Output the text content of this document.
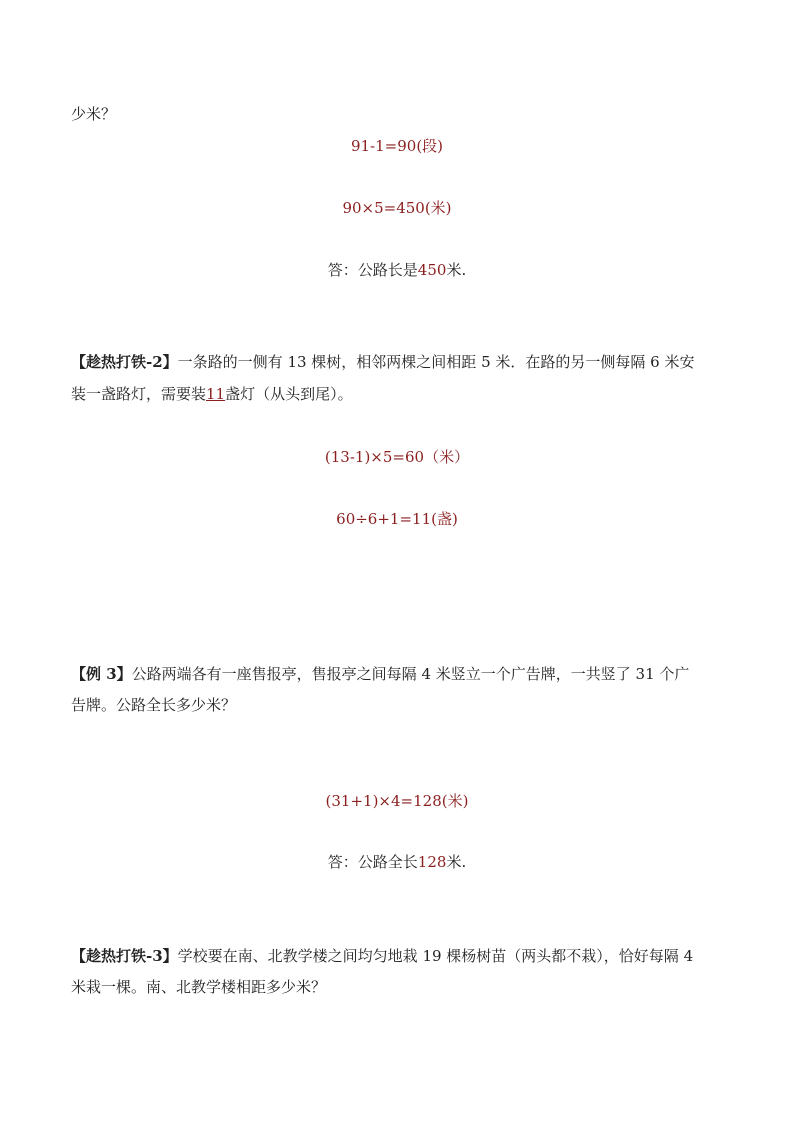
少米？
91-1=90(段)
90×5=450(米)
答：公路长是450米.
【趁热打铁-2】一条路的一侧有 13 棵树，相邻两棵之间相距 5 米．在路的另一侧每隔 6 米安
装一盏路灯，需要装11盏灯（从头到尾）。
(13-1)×5=60（米）
60÷6+1=11(盏)
【例 3】公路两端各有一座售报亭，售报亭之间每隔 4 米竖立一个广告牌，一共竖了 31 个广
告牌。公路全长多少米？
(31+1)×4=128(米)
答：公路全长128米.
【趁热打铁-3】学校要在南、北教学楼之间均匀地栽 19 棵杨树苗（两头都不栽），恰好每隔 4
米栽一棵。南、北教学楼相距多少米？
